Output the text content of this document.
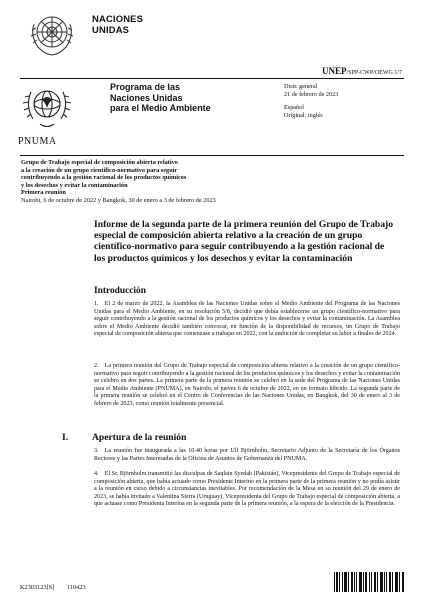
NACIONES
UNIDAS
UNEP/SPP-CWP/OEWG.1/7
PNUMA
Programa de las
Naciones Unidas
para el Medio Ambiente
Distr. general
21 de febrero de 2023
Español
Original: inglés
Grupo de Trabajo especial de composición abierta relativo
a la creación de un grupo científico-normativo para seguir
contribuyendo a la gestión racional de los productos químicos
y los desechos y evitar la contaminación
Primera reunión
Nairobi, 6 de octubre de 2022 y Bangkok, 30 de enero a 3 de febrero de 2023
Informe de la segunda parte de la primera reunión del Grupo de Trabajo especial de composición abierta relativo a la creación de un grupo científico-normativo para seguir contribuyendo a la gestión racional de los productos químicos y los desechos y evitar la contaminación
Introducción
1. El 2 de marzo de 2022, la Asamblea de las Naciones Unidas sobre el Medio Ambiente del Programa de las Naciones Unidas para el Medio Ambiente, en su resolución 5/8, decidió que debía establecerse un grupo científico-normativo para seguir contribuyendo a la gestión racional de los productos químicos y los desechos y evitar la contaminación. La Asamblea sobre el Medio Ambiente decidió también convocar, en función de la disponibilidad de recursos, un Grupo de Trabajo especial de composición abierta que comenzase a trabajar en 2022, con la ambición de completar su labor a finales de 2024.
2. La primera reunión del Grupo de Trabajo especial de composición abierta relativo a la creación de un grupo científico-normativo para seguir contribuyendo a la gestión racional de los productos químicos y los desechos y evitar la contaminación se celebró en dos partes. La primera parte de la primera reunión se celebró en la sede del Programa de las Naciones Unidas para el Medio Ambiente (PNUMA), en Nairobi, el jueves 6 de octubre de 2022, en un formato híbrido. La segunda parte de la primera reunión se celebró en el Centro de Conferencias de las Naciones Unidas, en Bangkok, del 30 de enero al 3 de febrero de 2023, como reunión totalmente presencial.
I. Apertura de la reunión
3. La reunión fue inaugurada a las 10.40 horas por Ulf Björnholm, Secretario Adjunto de la Secretaría de los Órganos Rectores y las Partes Interesadas de la Oficina de Asuntos de Gobernanza del PNUMA.
4. El Sr. Björnholm transmitió las disculpas de Saqlain Syedah (Pakistán), Vicepresidente del Grupo de Trabajo especial de composición abierta, que había actuado como Presidente Interino en la primera parte de la primera reunión y no podía asistir a la reunión en curso debido a circunstancias inevitables. Por recomendación de la Mesa en su reunión del 29 de enero de 2023, se había invitado a Valentina Sierra (Uruguay), Vicepresidenta del Grupo de Trabajo especial de composición abierta, a que actuase como Presidenta Interina en la segunda parte de la primera reunión, a la espera de la elección de la Presidencia.
K2303123[S]  110423
